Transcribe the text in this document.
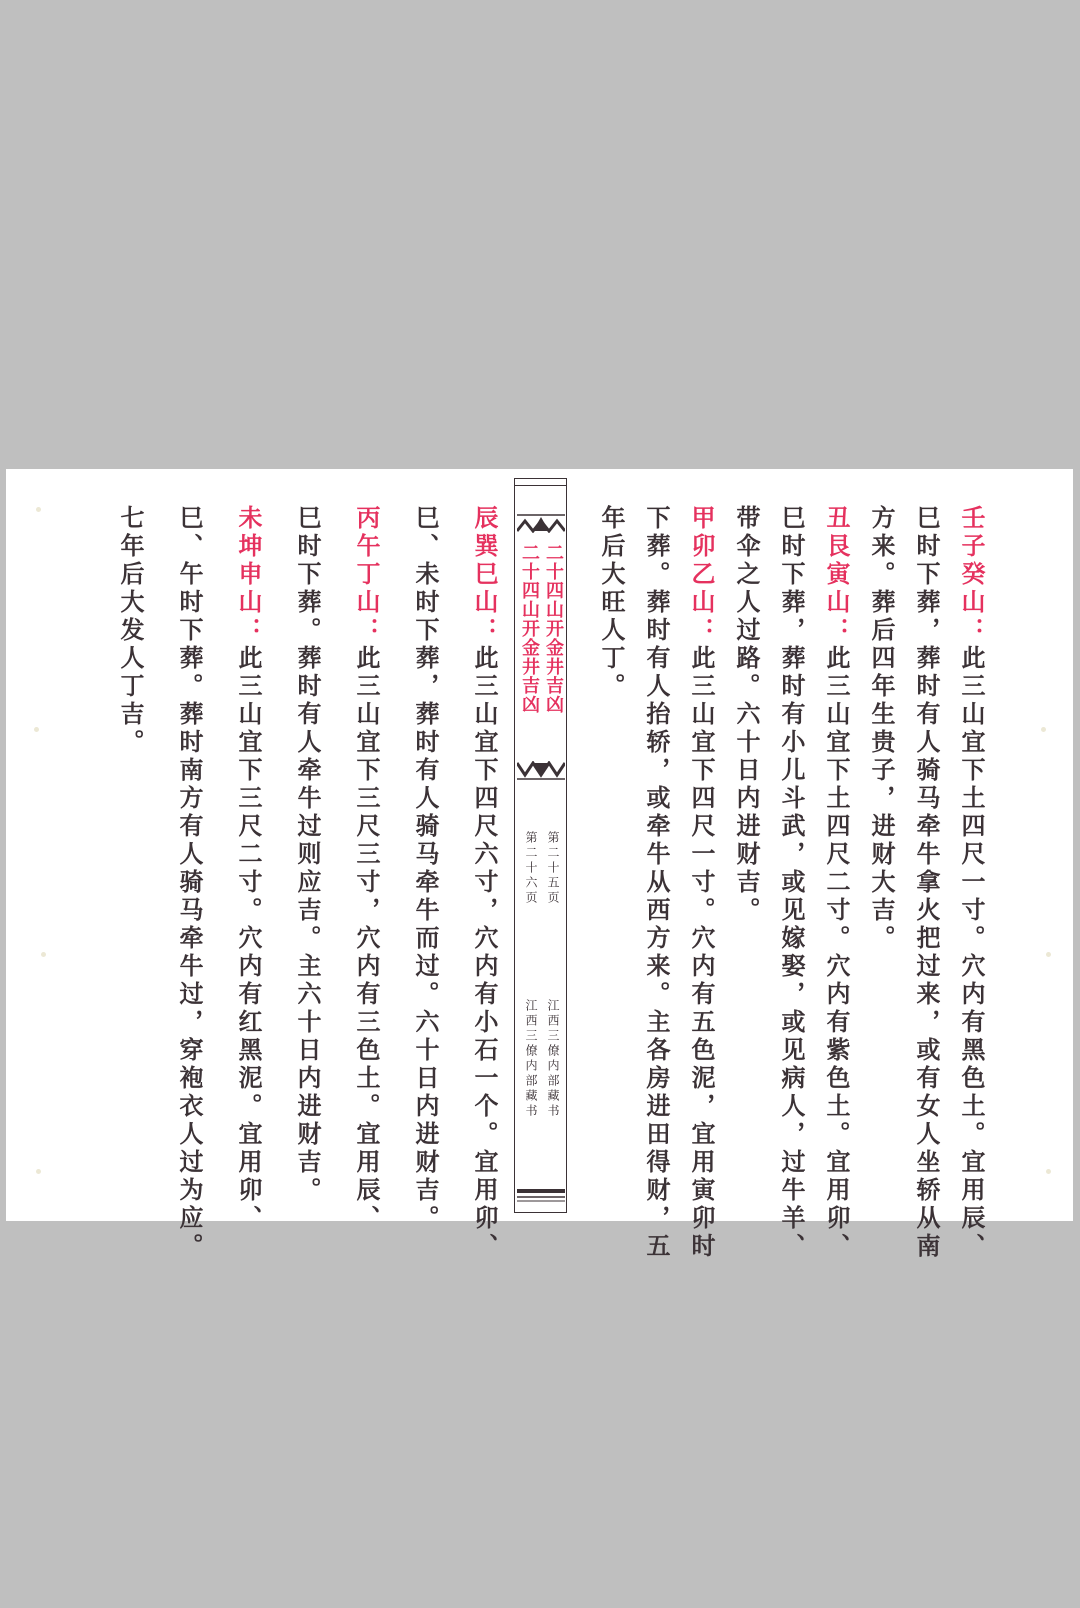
壬子癸山：此三山宜下土四尺一寸。穴内有黑色土。宜用辰、
巳时下葬，葬时有人骑马牵牛拿火把过来，或有女人坐轿从南
方来。葬后四年生贵子，进财大吉。
丑艮寅山：此三山宜下土四尺二寸。穴内有紫色土。宜用卯、
巳时下葬，葬时有小儿斗武，或见嫁娶，或见病人，过牛羊、
带伞之人过路。六十日内进财吉。
甲卯乙山：此三山宜下四尺一寸。穴内有五色泥，宜用寅卯时
下葬。葬时有人抬轿，或牵牛从西方来。主各房进田得财，五
年后大旺人丁。
二十四山开金井吉凶
二十四山开金井吉凶
第二十五页
第二十六页
江西三僚内部藏书
江西三僚内部藏书
辰巽巳山：此三山宜下四尺六寸，穴内有小石一个。宜用卯、
巳、未时下葬，葬时有人骑马牵牛而过。六十日内进财吉。
丙午丁山：此三山宜下三尺三寸，穴内有三色土。宜用辰、
巳时下葬。葬时有人牵牛过则应吉。主六十日内进财吉。
未坤申山：此三山宜下三尺二寸。穴内有红黑泥。宜用卯、
巳、午时下葬。葬时南方有人骑马牵牛过，穿袍衣人过为应。
七年后大发人丁吉。
